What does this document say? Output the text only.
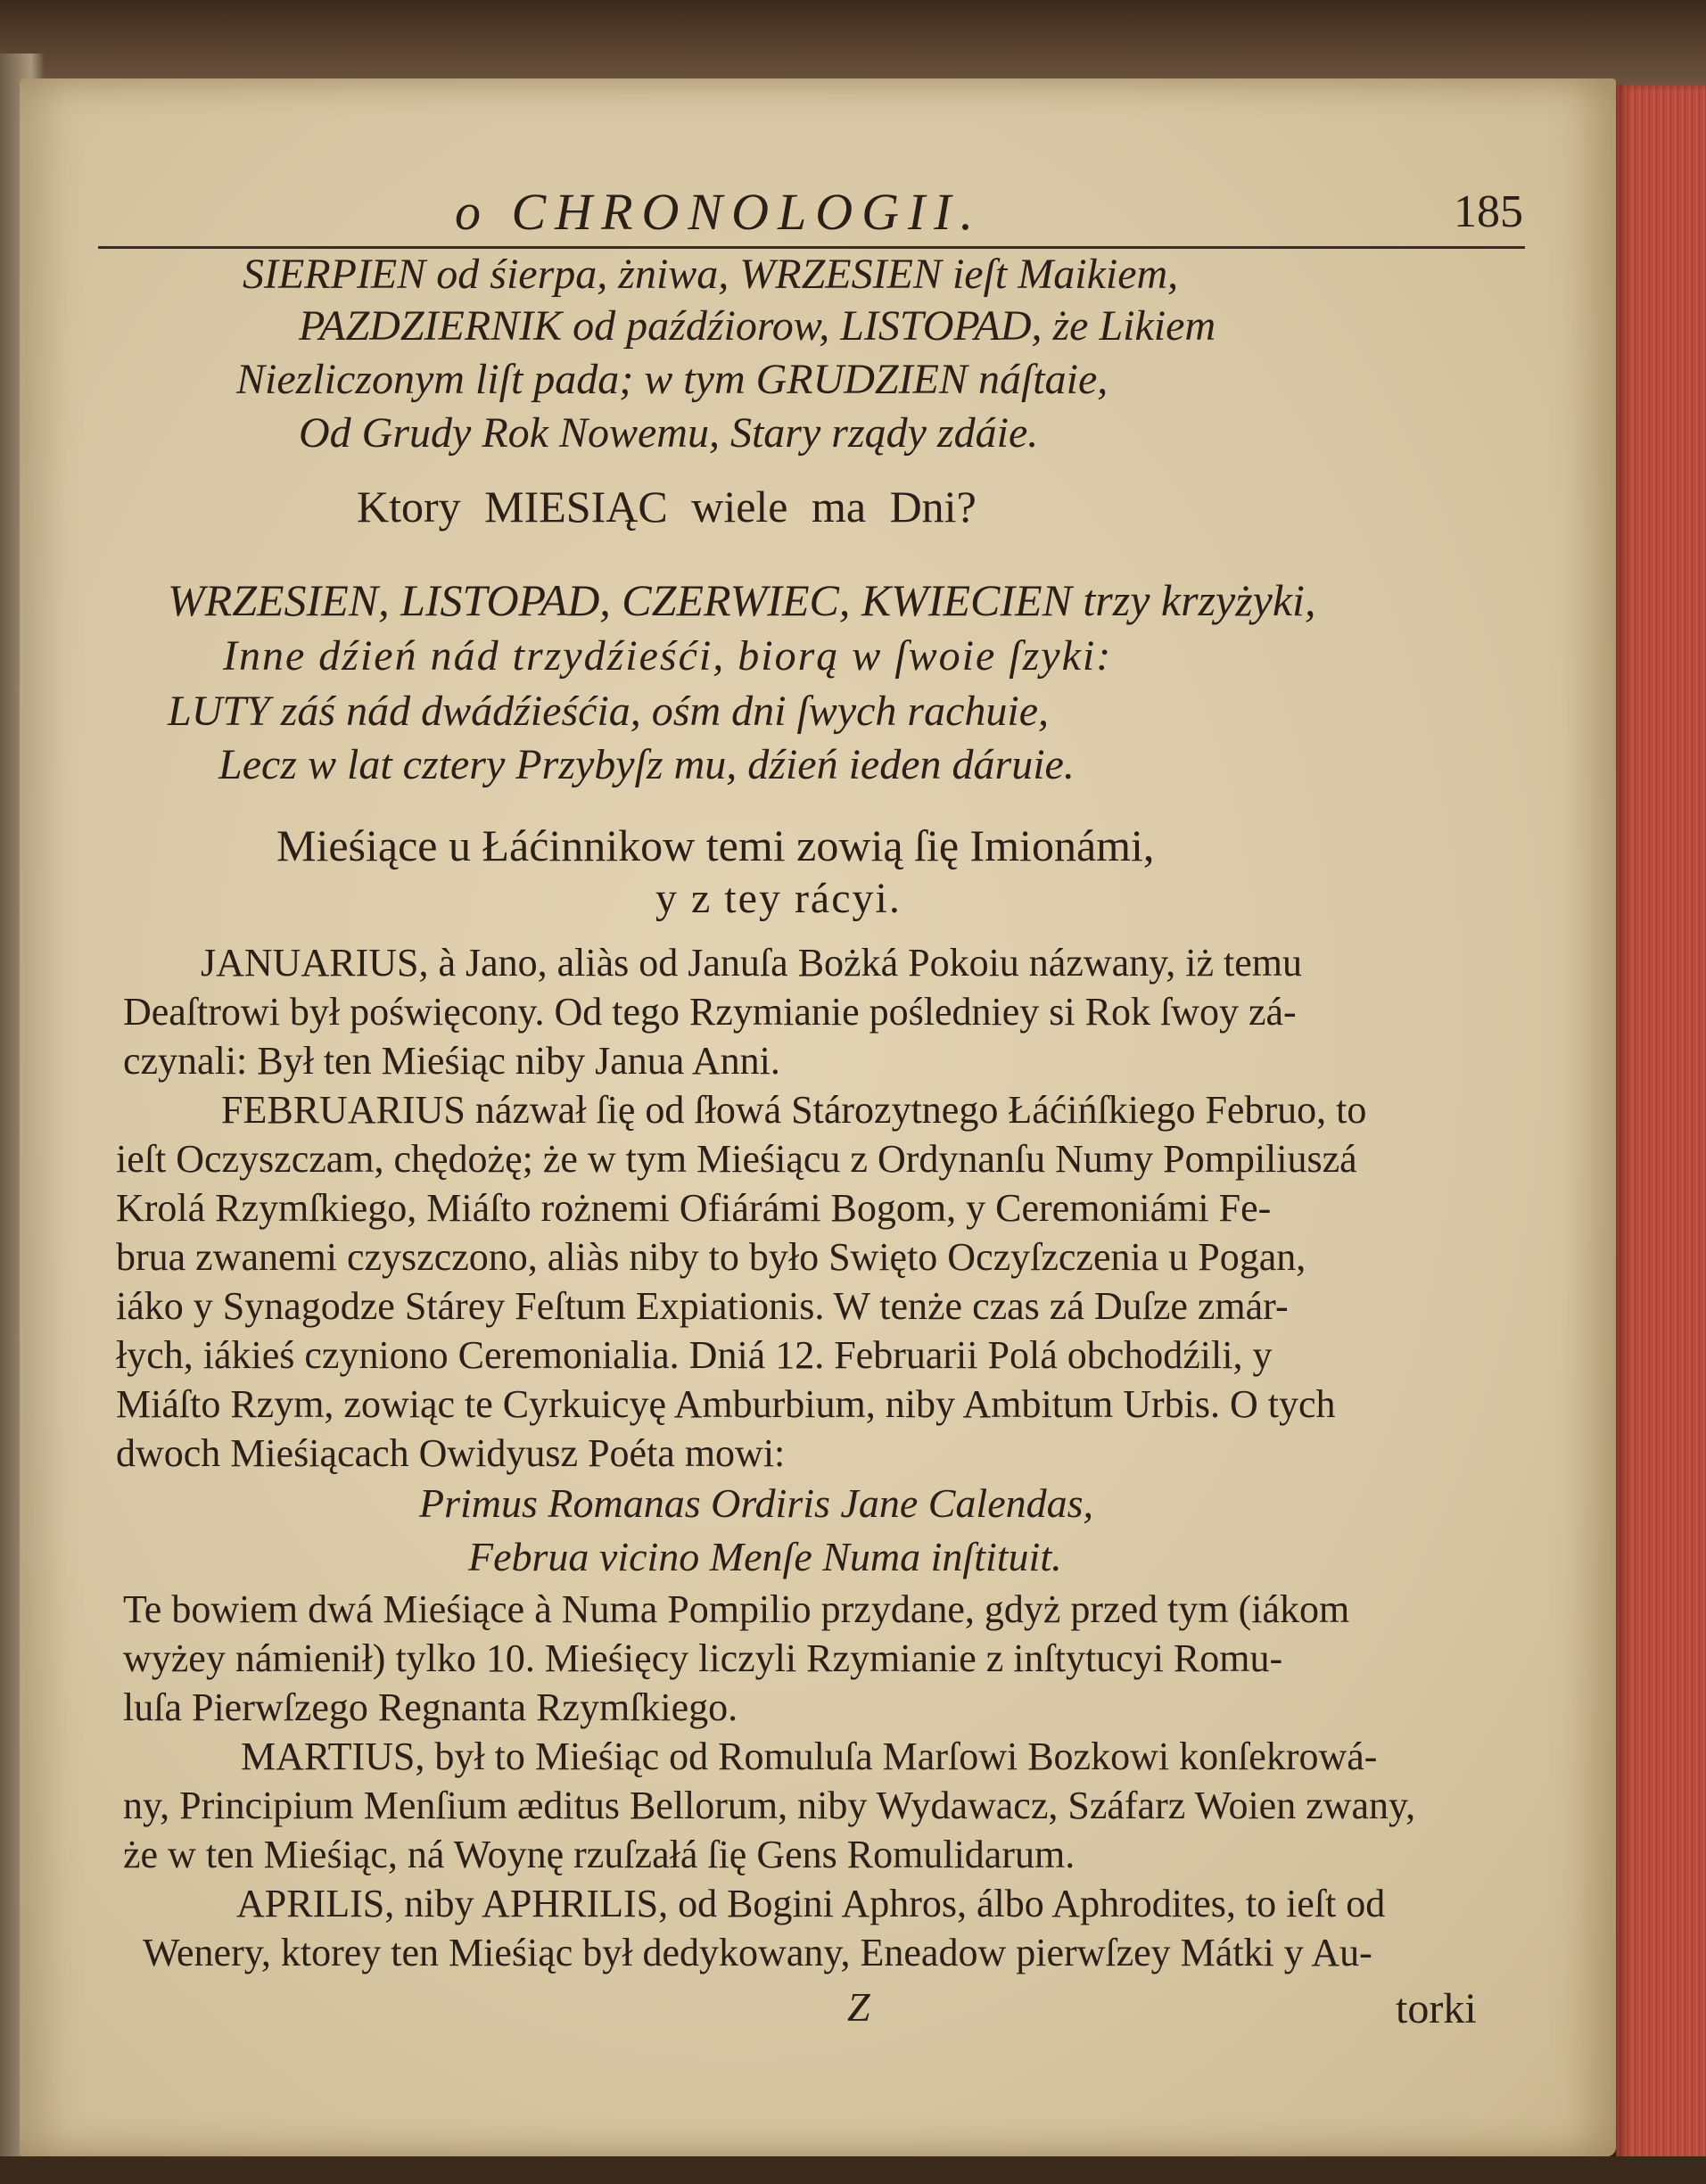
o CHRONOLOGII.	185

SIERPIEN od śierpa, żniwa, WRZESIEN ieſt Maikiem,

PAZDZIERNIK od paźdźiorow, LISTOPAD, że Likiem

Niezliczonym liſt pada; w tym GRUDZIEN náſtaie,

Od Grudy Rok Nowemu, Stary rządy zdáie.

Ktory MIESIĄC wiele ma Dni?

WRZESIEN, LISTOPAD, CZERWIEC, KWIECIEN trzy krzyżyki,

Inne dźień nád trzydźieśći, biorą w ſwoie ſzyki:

LUTY záś nád dwádźieśćia, ośm dni ſwych rachuie,

Lecz w lat cztery Przybyſz mu, dźień ieden dáruie.

Mieśiące u Łáćinnikow temi zowią ſię Imionámi,

y z tey rácyi.

JANUARIUS, à Jano, aliàs od Januſa Bożká Pokoiu názwany, iż temu

Deaſtrowi był poświęcony. Od tego Rzymianie pośledniey si Rok ſwoy zá-

czynali: Był ten Mieśiąc niby Janua Anni.

FEBRUARIUS názwał ſię od ſłowá Stározytnego Łáćińſkiego Februo, to

ieſt Oczyszczam, chędożę; że w tym Mieśiącu z Ordynanſu Numy Pompiliuszá

Krolá Rzymſkiego, Miáſto rożnemi Ofiárámi Bogom, y Ceremoniámi Fe-

brua zwanemi czyszczono, aliàs niby to było Swięto Oczyſzczenia u Pogan,

iáko y Synagodze Stárey Feſtum Expiationis. W tenże czas zá Duſze zmár-

łych, iákieś czyniono Ceremonialia. Dniá 12. Februarii Polá obchodźili, y

Miáſto Rzym, zowiąc te Cyrkuicyę Amburbium, niby Ambitum Urbis. O tych

dwoch Mieśiącach Owidyusz Poéta mowi:

Primus Romanas Ordiris Jane Calendas,

Februa vicino Menſe Numa inſtituit.

Te bowiem dwá Mieśiące à Numa Pompilio przydane, gdyż przed tym (iákom

wyżey námienił) tylko 10. Mieśięcy liczyli Rzymianie z inſtytucyi Romu-

luſa Pierwſzego Regnanta Rzymſkiego.

MARTIUS, był to Mieśiąc od Romuluſa Marſowi Bozkowi konſekrowá-

ny, Principium Menſium æditus Bellorum, niby Wydawacz, Száfarz Woien zwany,

że w ten Mieśiąc, ná Woynę rzuſzałá ſię Gens Romulidarum.

APRILIS, niby APHRILIS, od Bogini Aphros, álbo Aphrodites, to ieſt od

Wenery, ktorey ten Mieśiąc był dedykowany, Eneadow pierwſzey Mátki y Au-

Z	torki
